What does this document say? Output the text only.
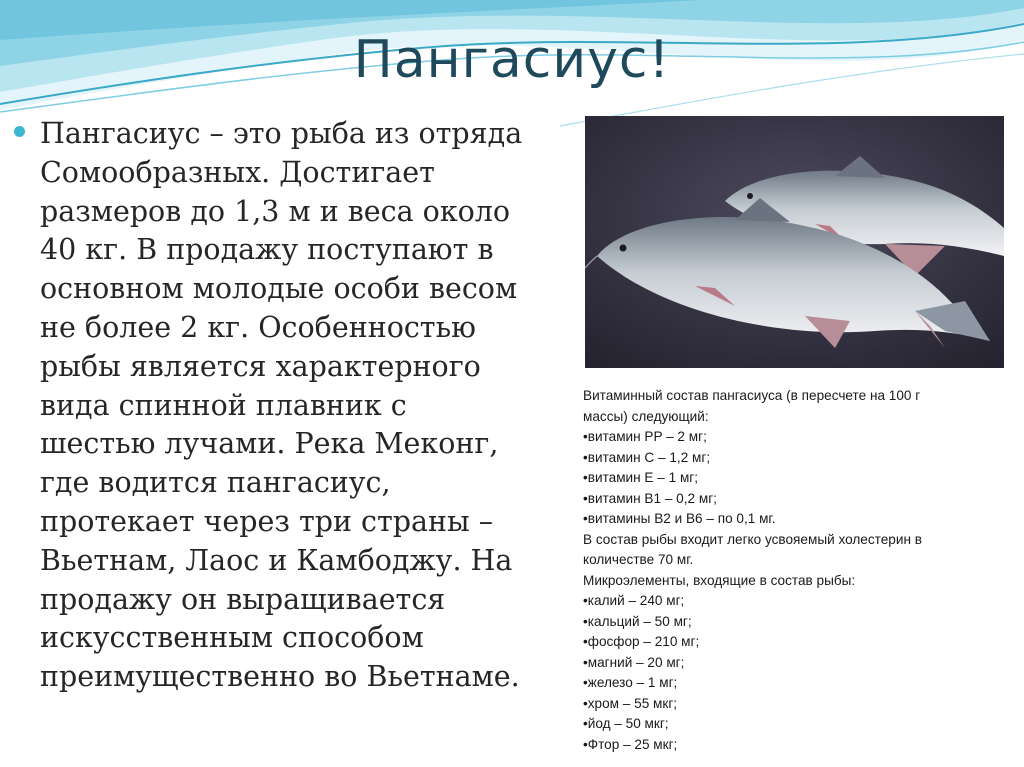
Пангасиус!
Пангасиус – это рыба из отряда
Сомообразных. Достигает
размеров до 1,3 м и веса около
40 кг. В продажу поступают в
основном молодые особи весом
не более 2 кг. Особенностью
рыбы является характерного
вида спинной плавник с
шестью лучами. Река Меконг,
где водится пангасиус,
протекает через три страны –
Вьетнам, Лаос и Камбоджу. На
продажу он выращивается
искусственным способом
преимущественно во Вьетнаме.
Витаминный состав пангасиуса (в пересчете на 100 г
массы) следующий:
•витамин PP – 2 мг;
•витамин С – 1,2 мг;
•витамин Е – 1 мг;
•витамин В1 – 0,2 мг;
•витамины В2 и В6 – по 0,1 мг.
В состав рыбы входит легко усвояемый холестерин в
количестве 70 мг.
Микроэлементы, входящие в состав рыбы:
•калий – 240 мг;
•кальций – 50 мг;
•фосфор – 210 мг;
•магний – 20 мг;
•железо – 1 мг;
•хром – 55 мкг;
•йод – 50 мкг;
•Фтор – 25 мкг;
